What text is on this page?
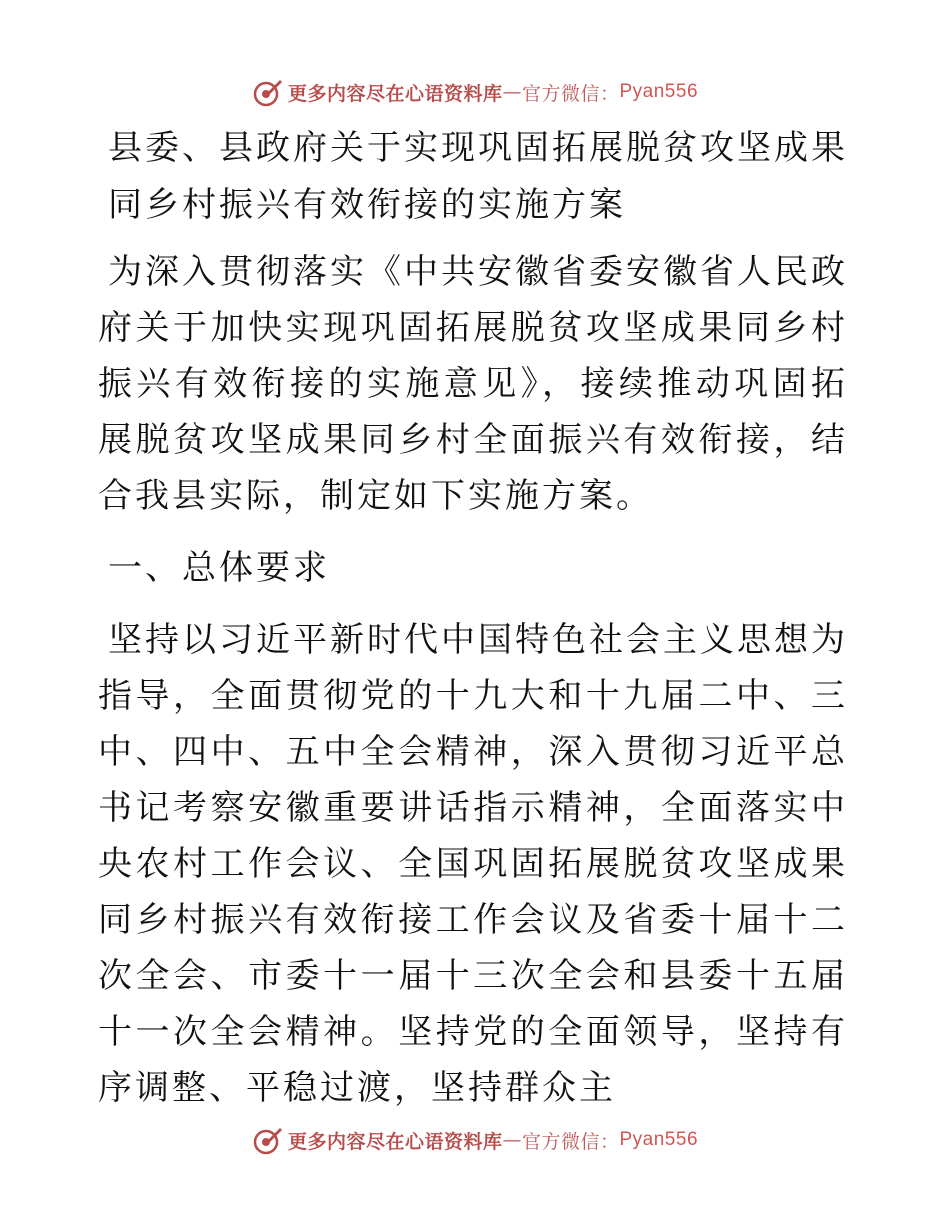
更多内容尽在心语资料库 — 官方微信： Pyan556
县委、县政府关于实现巩固拓展脱贫攻坚成果同乡村振兴有效衔接的实施方案

为深入贯彻落实《中共安徽省委安徽省人民政府关于加快实现巩固拓展脱贫攻坚成果同乡村振兴有效衔接的实施意见》，接续推动巩固拓展脱贫攻坚成果同乡村全面振兴有效衔接，结合我县实际，制定如下实施方案。

一、总体要求

坚持以习近平新时代中国特色社会主义思想为指导，全面贯彻党的十九大和十九届二中、三中、四中、五中全会精神，深入贯彻习近平总书记考察安徽重要讲话指示精神，全面落实中央农村工作会议、全国巩固拓展脱贫攻坚成果同乡村振兴有效衔接工作会议及省委十届十二次全会、市委十一届十三次全会和县委十五届十一次全会精神。坚持党的全面领导，坚持有序调整、平稳过渡，坚持群众主

更多内容尽在心语资料库 — 官方微信： Pyan556
